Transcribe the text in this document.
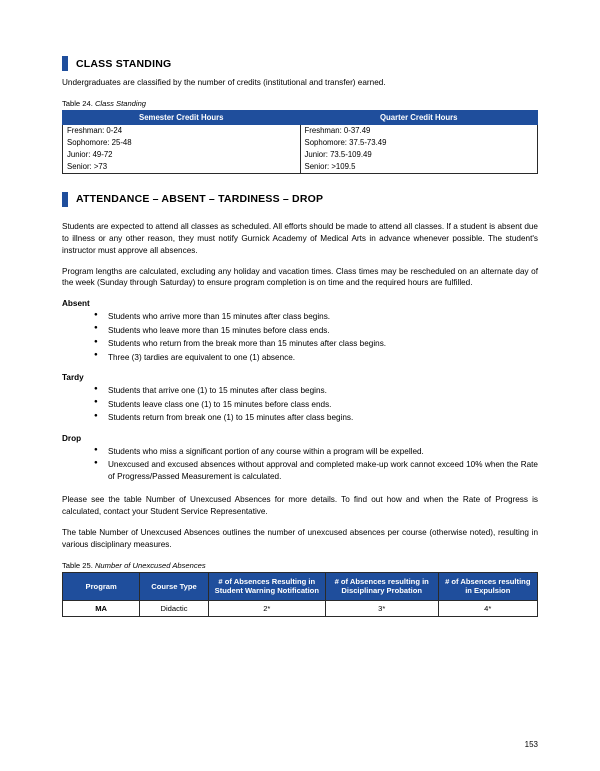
CLASS STANDING

Undergraduates are classified by the number of credits (institutional and transfer) earned.

Table 24. Class Standing
Semester Credit Hours	Quarter Credit Hours
Freshman: 0-24	Freshman: 0-37.49
Sophomore: 25-48	Sophomore: 37.5-73.49
Junior: 49-72	Junior: 73.5-109.49
Senior: >73	Senior: >109.5
ATTENDANCE – ABSENT – TARDINESS – DROP

Students are expected to attend all classes as scheduled. All efforts should be made to attend all classes. If a student is absent due to illness or any other reason, they must notify Gurnick Academy of Medical Arts in advance whenever possible. The student's instructor must approve all absences.

Program lengths are calculated, excluding any holiday and vacation times. Class times may be rescheduled on an alternate day of the week (Sunday through Saturday) to ensure program completion is on time and the required hours are fulfilled.

Absent
● Students who arrive more than 15 minutes after class begins.
● Students who leave more than 15 minutes before class ends.
● Students who return from the break more than 15 minutes after class begins.
● Three (3) tardies are equivalent to one (1) absence.
Tardy
● Students that arrive one (1) to 15 minutes after class begins.
● Students leave class one (1) to 15 minutes before class ends.
● Students return from break one (1) to 15 minutes after class begins.
Drop
● Students who miss a significant portion of any course within a program will be expelled.
● Unexcused and excused absences without approval and completed make-up work cannot exceed 10% when the Rate of Progress/Passed Measurement is calculated.

Please see the table Number of Unexcused Absences for more details. To find out how and when the Rate of Progress is calculated, contact your Student Service Representative.

The table Number of Unexcused Absences outlines the number of unexcused absences per course (otherwise noted), resulting in various disciplinary measures.

Table 25. Number of Unexcused Absences
Program	Course Type	# of Absences Resulting in Student Warning Notification	# of Absences resulting in Disciplinary Probation	# of Absences resulting in Expulsion
MA	Didactic	2*	3*	4*
153
